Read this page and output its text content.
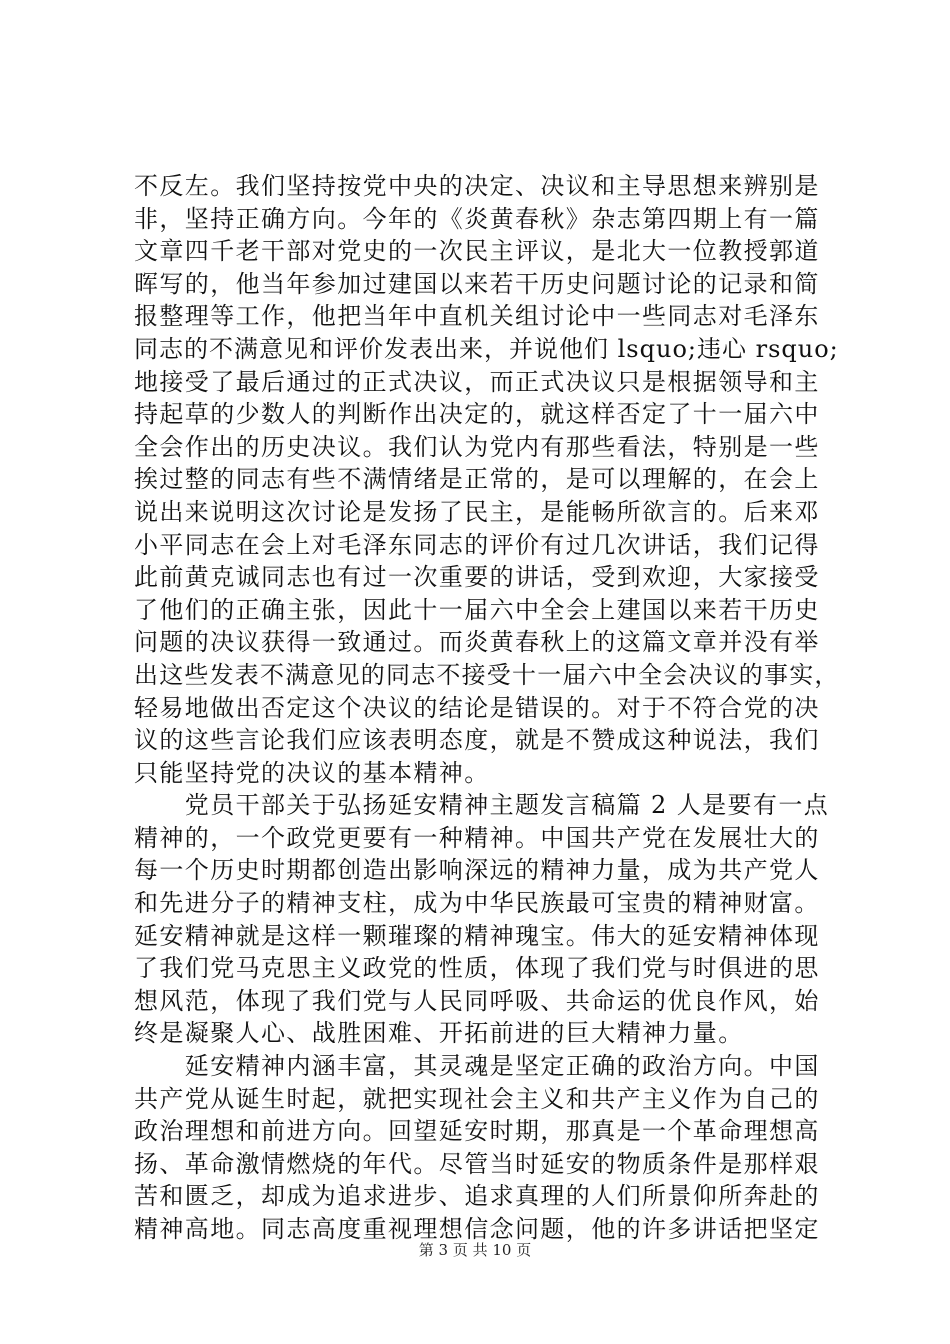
不反左。我们坚持按党中央的决定、决议和主导思想来辨别是
非，坚持正确方向。今年的《炎黄春秋》杂志第四期上有一篇
文章四千老干部对党史的一次民主评议，是北大一位教授郭道
晖写的，他当年参加过建国以来若干历史问题讨论的记录和简
报整理等工作，他把当年中直机关组讨论中一些同志对毛泽东
同志的不满意见和评价发表出来，并说他们 lsquo;违心 rsquo;
地接受了最后通过的正式决议，而正式决议只是根据领导和主
持起草的少数人的判断作出决定的，就这样否定了十一届六中
全会作出的历史决议。我们认为党内有那些看法，特别是一些
挨过整的同志有些不满情绪是正常的，是可以理解的，在会上
说出来说明这次讨论是发扬了民主，是能畅所欲言的。后来邓
小平同志在会上对毛泽东同志的评价有过几次讲话，我们记得
此前黄克诚同志也有过一次重要的讲话，受到欢迎，大家接受
了他们的正确主张，因此十一届六中全会上建国以来若干历史
问题的决议获得一致通过。而炎黄春秋上的这篇文章并没有举
出这些发表不满意见的同志不接受十一届六中全会决议的事实，
轻易地做出否定这个决议的结论是错误的。对于不符合党的决
议的这些言论我们应该表明态度，就是不赞成这种说法，我们
只能坚持党的决议的基本精神。
　　党员干部关于弘扬延安精神主题发言稿篇 2 人是要有一点
精神的，一个政党更要有一种精神。中国共产党在发展壮大的
每一个历史时期都创造出影响深远的精神力量，成为共产党人
和先进分子的精神支柱，成为中华民族最可宝贵的精神财富。
延安精神就是这样一颗璀璨的精神瑰宝。伟大的延安精神体现
了我们党马克思主义政党的性质，体现了我们党与时俱进的思
想风范，体现了我们党与人民同呼吸、共命运的优良作风，始
终是凝聚人心、战胜困难、开拓前进的巨大精神力量。
　　延安精神内涵丰富，其灵魂是坚定正确的政治方向。中国
共产党从诞生时起，就把实现社会主义和共产主义作为自己的
政治理想和前进方向。回望延安时期，那真是一个革命理想高
扬、革命激情燃烧的年代。尽管当时延安的物质条件是那样艰
苦和匮乏，却成为追求进步、追求真理的人们所景仰所奔赴的
精神高地。同志高度重视理想信念问题，他的许多讲话把坚定
第 3 页 共 10 页
